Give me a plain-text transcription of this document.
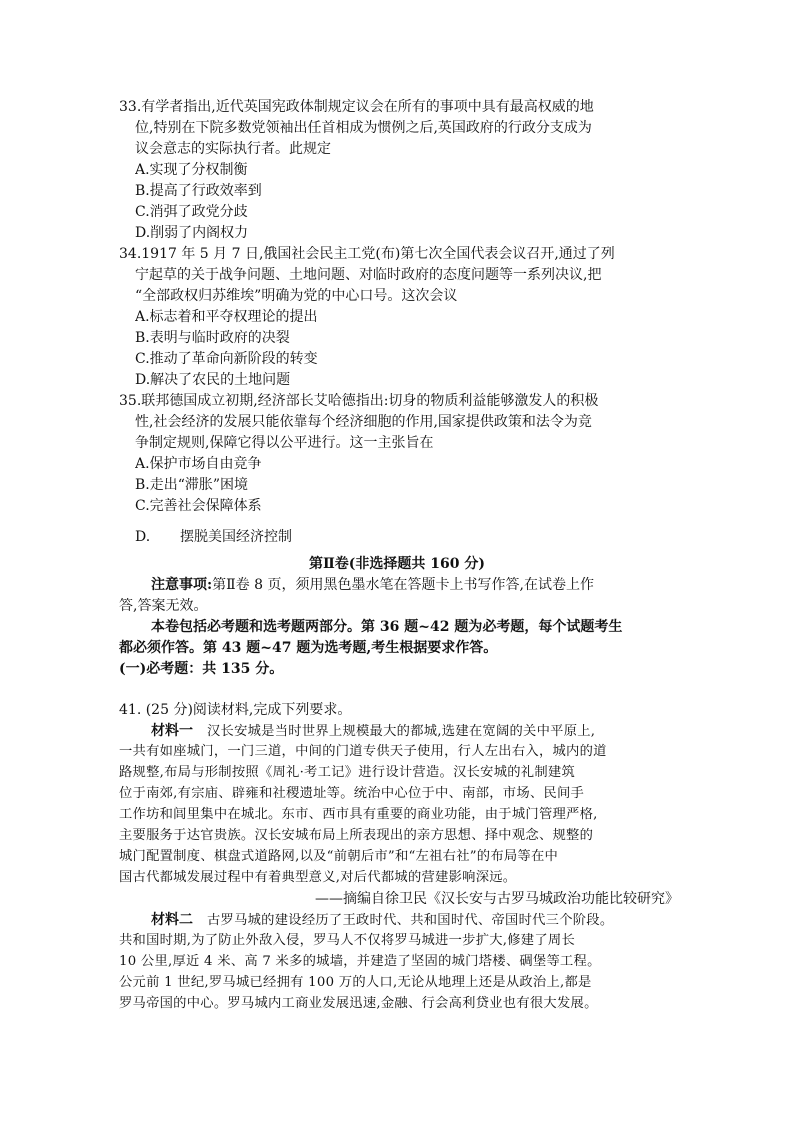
33.有学者指出,近代英国宪政体制规定议会在所有的事项中具有最高权威的地
位,特别在下院多数党领袖出任首相成为惯例之后,英国政府的行政分支成为
议会意志的实际执行者。此规定
A.实现了分权制衡
B.提高了行政效率到
C.消弭了政党分歧
D.削弱了内阁权力
34.1917 年 5 月 7 日,俄国社会民主工党(布)第七次全国代表会议召开,通过了列
宁起草的关于战争问题、土地问题、对临时政府的态度问题等一系列决议,把
“全部政权归苏维埃”明确为党的中心口号。这次会议
A.标志着和平夺权理论的提出
B.表明与临时政府的决裂
C.推动了革命向新阶段的转变
D.解决了农民的土地问题
35.联邦德国成立初期,经济部长艾哈德指出:切身的物质利益能够激发人的积极
性,社会经济的发展只能依靠每个经济细胞的作用,国家提供政策和法令为竞
争制定规则,保障它得以公平进行。这一主张旨在
A.保护市场自由竞争
B.走出“滞胀”困境
C.完善社会保障体系
D. 摆脱美国经济控制
第Ⅱ卷(非选择题共 160 分)
注意事项:第Ⅱ卷 8 页，须用黑色墨水笔在答题卡上书写作答,在试卷上作
答,答案无效。
本卷包括必考题和选考题两部分。第 36 题~42 题为必考题，每个试题考生
都必须作答。第 43 题~47 题为选考题,考生根据要求作答。
(一)必考题：共 135 分。
41. (25 分)阅读材料,完成下列要求。
材料一 汉长安城是当时世界上规模最大的都城,选建在宽阔的关中平原上,
一共有如座城门，一门三道，中间的门道专供天子使用，行人左出右入，城内的道
路规整,布局与形制按照《周礼·考工记》进行设计营造。汉长安城的礼制建筑
位于南郊,有宗庙、辟雍和社稷遗址等。统治中心位于中、南部，市场、民间手
工作坊和闾里集中在城北。东市、西市具有重要的商业功能，由于城门管理严格,
主要服务于达官贵族。汉长安城布局上所表现出的亲方思想、择中观念、规整的
城门配置制度、棋盘式道路网,以及“前朝后市”和“左祖右社”的布局等在中
国古代都城发展过程中有着典型意义,对后代都城的营建影响深远。
——摘编自徐卫民《汉长安与古罗马城政治功能比较研究》
材料二 古罗马城的建设经历了王政时代、共和国时代、帝国时代三个阶段。
共和国时期,为了防止外敌入侵，罗马人不仅将罗马城进一步扩大,修建了周长
10 公里,厚近 4 米、高 7 米多的城墙，并建造了坚固的城门塔楼、碉堡等工程。
公元前 1 世纪,罗马城已经拥有 100 万的人口,无论从地理上还是从政治上,都是
罗马帝国的中心。罗马城内工商业发展迅速,金融、行会高利贷业也有很大发展。
